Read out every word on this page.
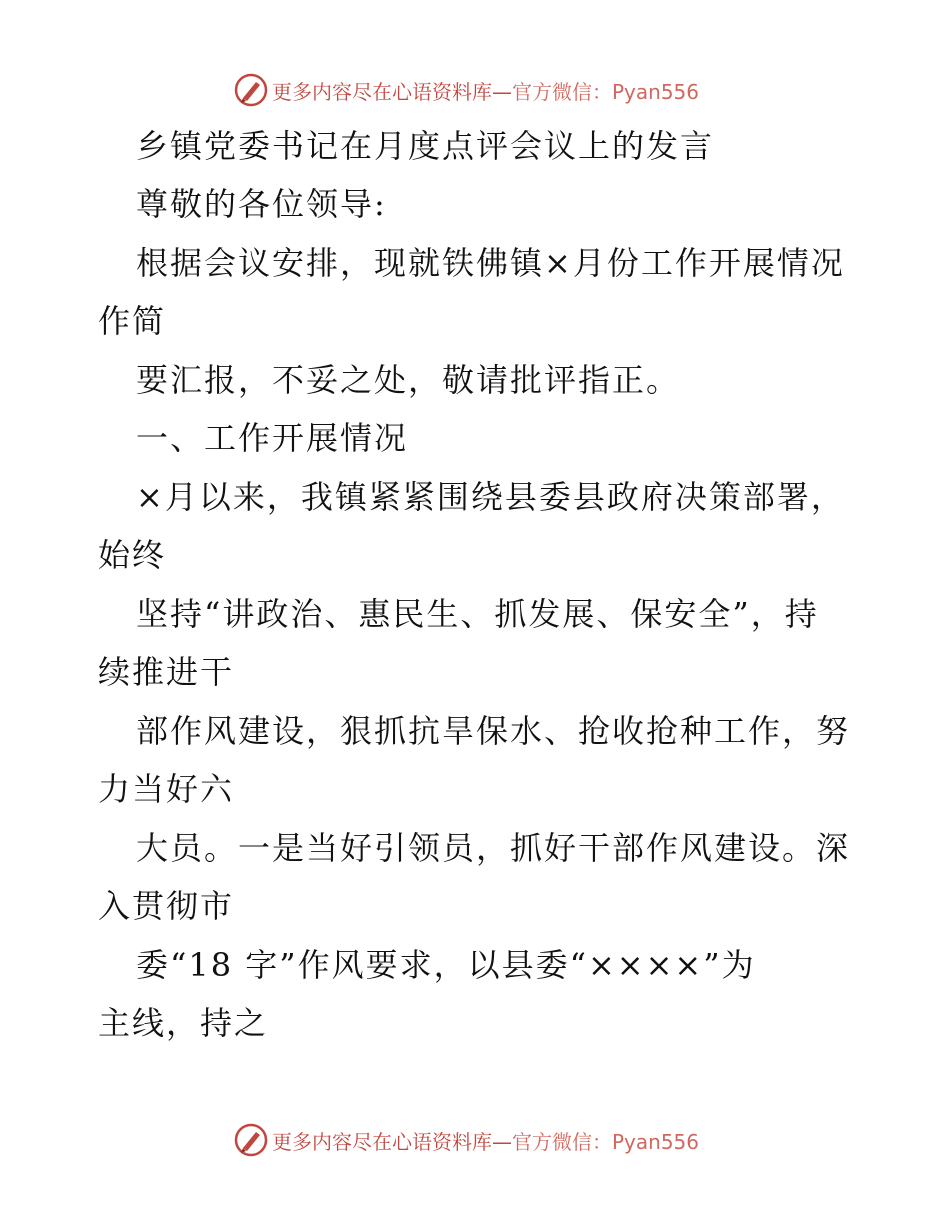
更多内容尽在心语资料库—官方微信：Pyan556
乡镇党委书记在月度点评会议上的发言
尊敬的各位领导:
根据会议安排，现就铁佛镇×月份工作开展情况
作简
要汇报，不妥之处，敬请批评指正。
一、工作开展情况
×月以来，我镇紧紧围绕县委县政府决策部署，
始终
坚持“讲政治、惠民生、抓发展、保安全”，持
续推进干
部作风建设，狠抓抗旱保水、抢收抢种工作，努
力当好六
大员。一是当好引领员，抓好干部作风建设。深
入贯彻市
委“18 字”作风要求，以县委“××××”为
主线，持之
更多内容尽在心语资料库—官方微信：Pyan556
